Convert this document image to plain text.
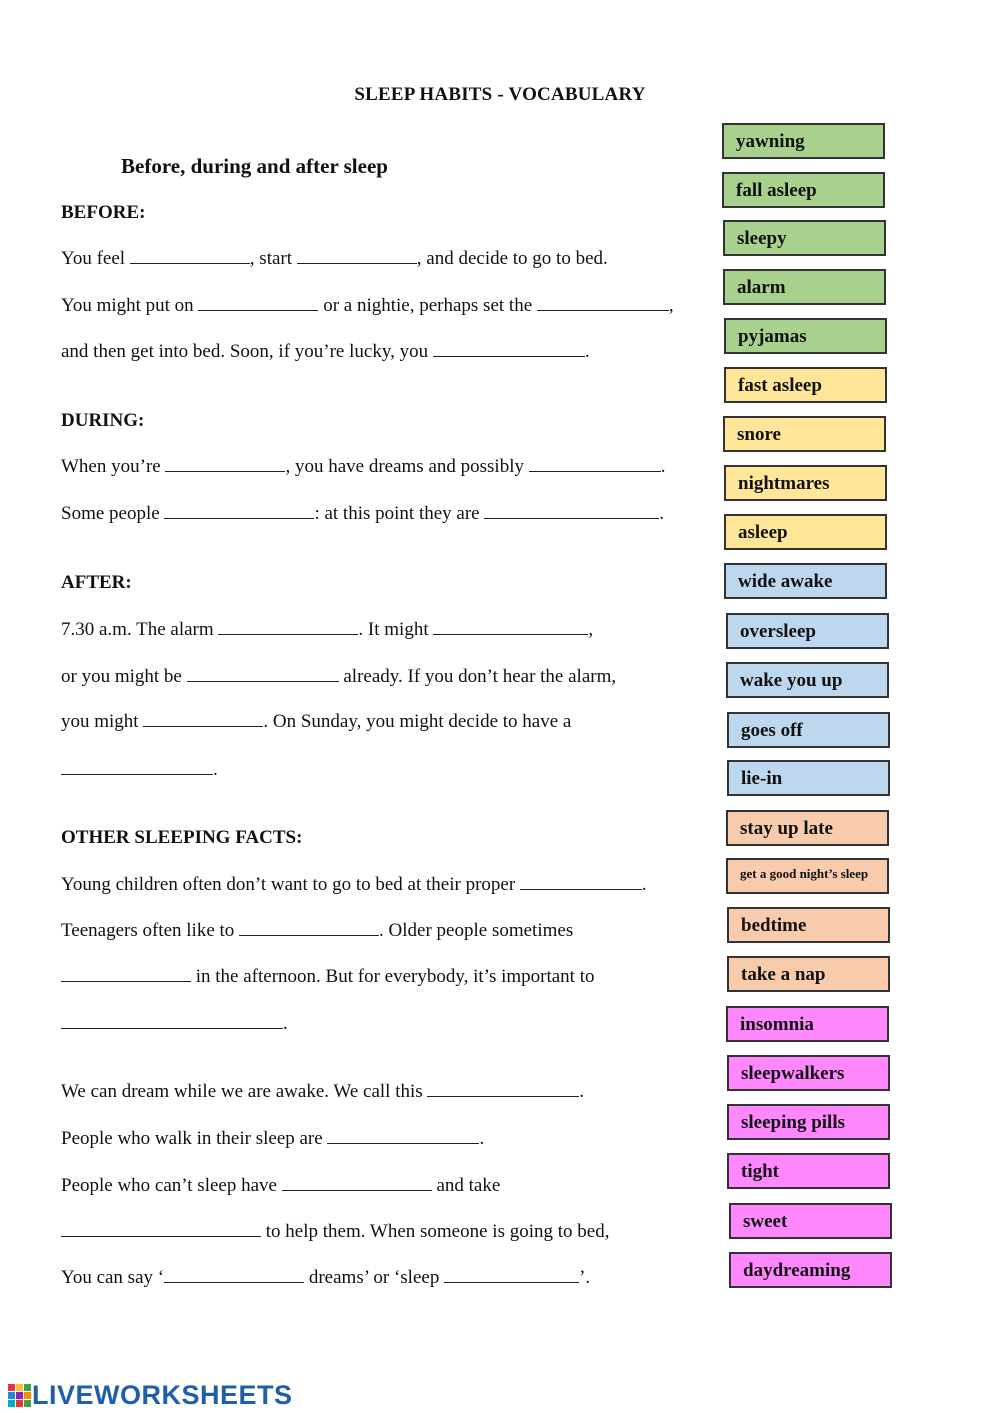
SLEEP HABITS - VOCABULARY
Before, during and after sleep
BEFORE:
You feel	, start	, and decide to go to bed.
You might put on	or a nightie, perhaps set the	,
and then get into bed. Soon, if you’re lucky, you	.
DURING:
When you’re	, you have dreams and possibly	.
Some people	: at this point they are	.
AFTER:
7.30 a.m. The alarm	. It might	,
or you might be	already. If you don’t hear the alarm,
you might	. On Sunday, you might decide to have a
.
OTHER SLEEPING FACTS:
Young children often don’t want to go to bed at their proper	.
Teenagers often like to	. Older people sometimes
in the afternoon. But for everybody, it’s important to
.
We can dream while we are awake. We call this	.
People who walk in their sleep are	.
People who can’t sleep have	and take
to help them. When someone is going to bed,
You can say ‘	dreams’ or ‘sleep	’.
yawning
fall asleep
sleepy
alarm
pyjamas
fast asleep
snore
nightmares
asleep
wide awake
oversleep
wake you up
goes off
lie-in
stay up late
get a good night’s sleep
bedtime
take a nap
insomnia
sleepwalkers
sleeping pills
tight
sweet
daydreaming
LIVEWORKSHEETS
